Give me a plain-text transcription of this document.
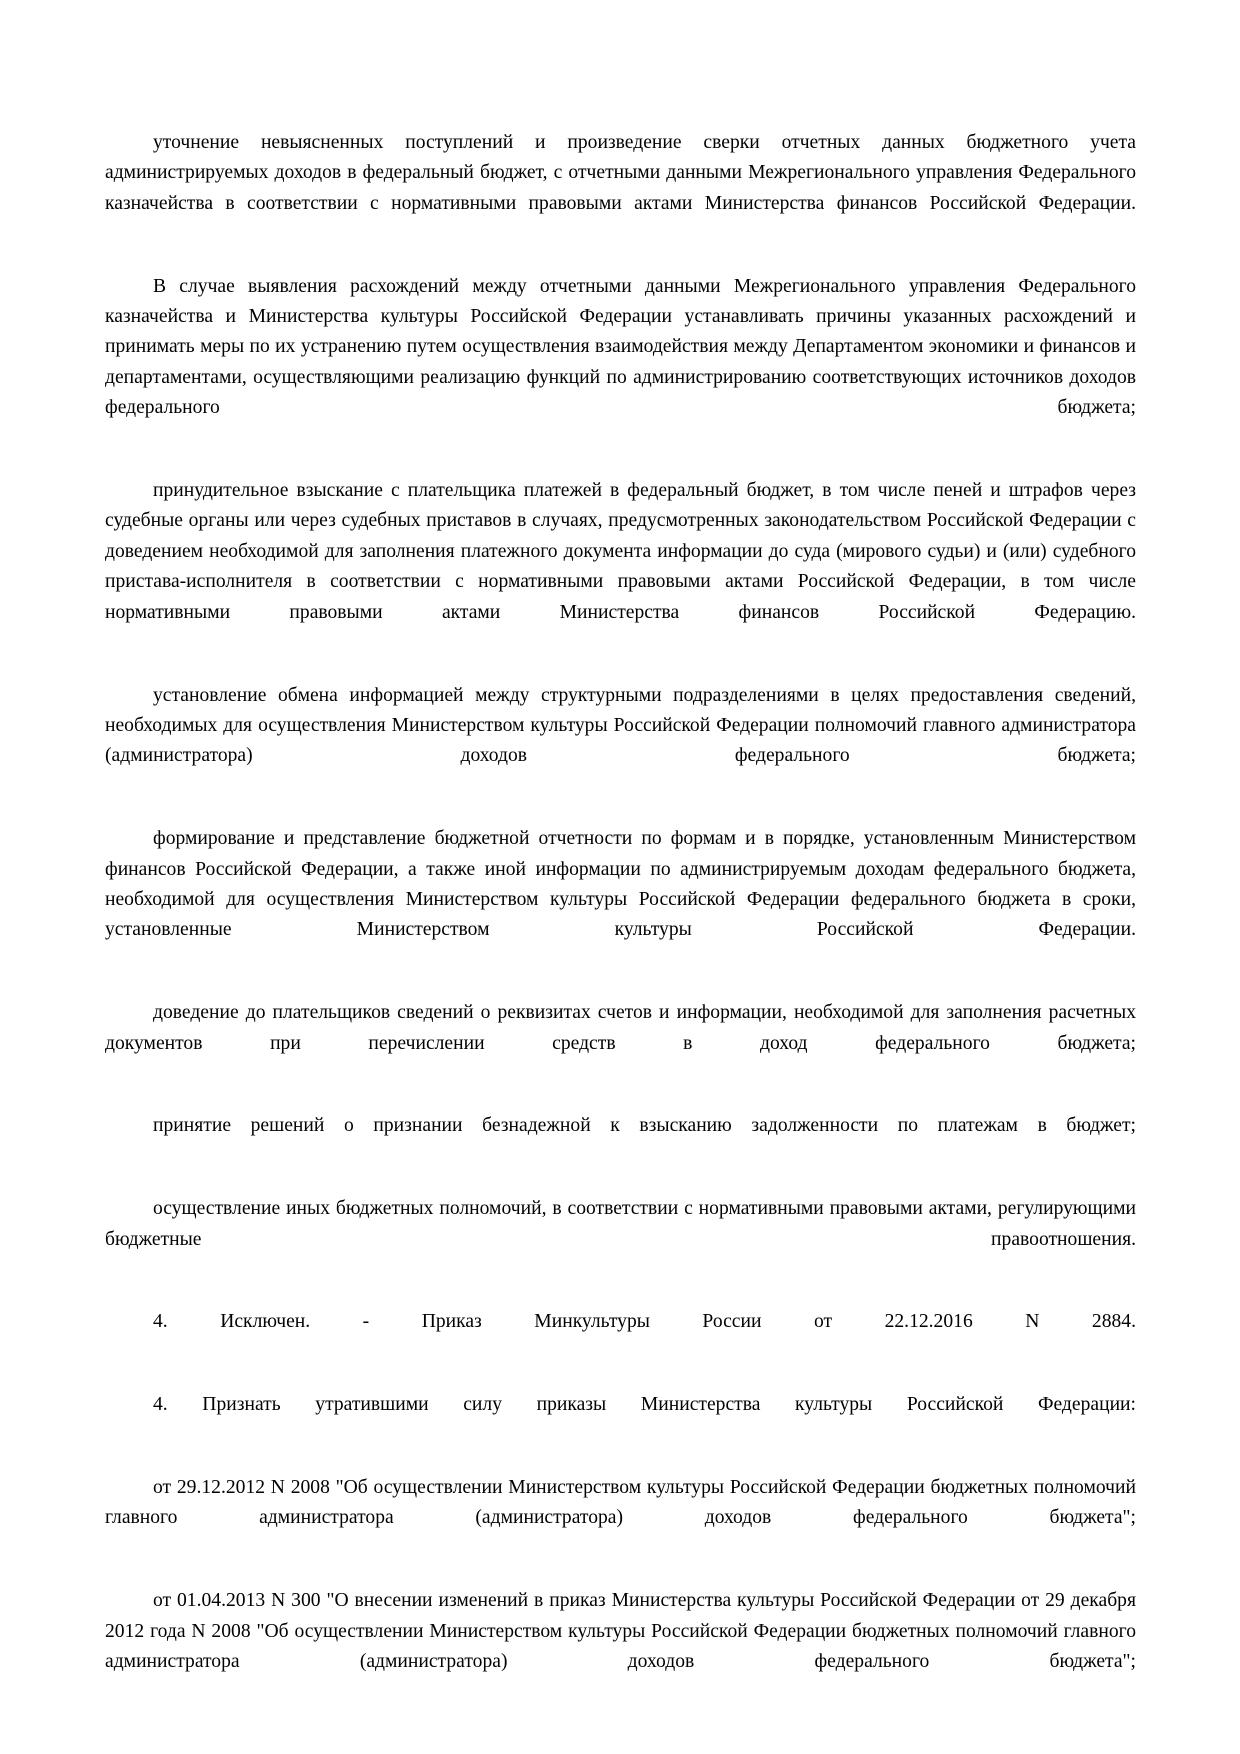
уточнение невыясненных поступлений и произведение сверки отчетных данных бюджетного учета администрируемых доходов в федеральный бюджет, с отчетными данными Межрегионального управления Федерального казначейства в соответствии с нормативными правовыми актами Министерства финансов Российской Федерации.

В случае выявления расхождений между отчетными данными Межрегионального управления Федерального казначейства и Министерства культуры Российской Федерации устанавливать причины указанных расхождений и принимать меры по их устранению путем осуществления взаимодействия между Департаментом экономики и финансов и департаментами, осуществляющими реализацию функций по администрированию соответствующих источников доходов федерального бюджета;

принудительное взыскание с плательщика платежей в федеральный бюджет, в том числе пеней и штрафов через судебные органы или через судебных приставов в случаях, предусмотренных законодательством Российской Федерации с доведением необходимой для заполнения платежного документа информации до суда (мирового судьи) и (или) судебного пристава-исполнителя в соответствии с нормативными правовыми актами Российской Федерации, в том числе нормативными правовыми актами Министерства финансов Российской Федерацию.

установление обмена информацией между структурными подразделениями в целях предоставления сведений, необходимых для осуществления Министерством культуры Российской Федерации полномочий главного администратора (администратора) доходов федерального бюджета;

формирование и представление бюджетной отчетности по формам и в порядке, установленным Министерством финансов Российской Федерации, а также иной информации по администрируемым доходам федерального бюджета, необходимой для осуществления Министерством культуры Российской Федерации федерального бюджета в сроки, установленные Министерством культуры Российской Федерации.

доведение до плательщиков сведений о реквизитах счетов и информации, необходимой для заполнения расчетных документов при перечислении средств в доход федерального бюджета;

принятие решений о признании безнадежной к взысканию задолженности по платежам в бюджет;

осуществление иных бюджетных полномочий, в соответствии с нормативными правовыми актами, регулирующими бюджетные правоотношения.

4. Исключен. - Приказ Минкультуры России от 22.12.2016 N 2884.

4. Признать утратившими силу приказы Министерства культуры Российской Федерации:

от 29.12.2012 N 2008 "Об осуществлении Министерством культуры Российской Федерации бюджетных полномочий главного администратора (администратора) доходов федерального бюджета";

от 01.04.2013 N 300 "О внесении изменений в приказ Министерства культуры Российской Федерации от 29 декабря 2012 года N 2008 "Об осуществлении Министерством культуры Российской Федерации бюджетных полномочий главного администратора (администратора) доходов федерального бюджета";
